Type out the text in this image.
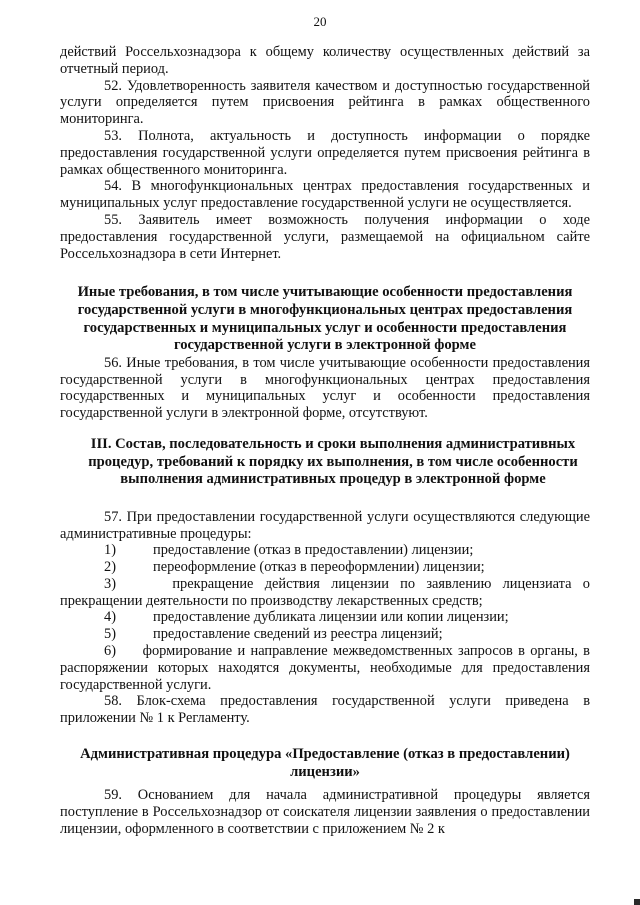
20

действий Россельхознадзора к общему количеству осуществленных действий за отчетный период.

52. Удовлетворенность заявителя качеством и доступностью государственной услуги определяется путем присвоения рейтинга в рамках общественного мониторинга.

53. Полнота, актуальность и доступность информации о порядке предоставления государственной услуги определяется путем присвоения рейтинга в рамках общественного мониторинга.

54. В многофункциональных центрах предоставления государственных и муниципальных услуг предоставление государственной услуги не осуществляется.

55. Заявитель имеет возможность получения информации о ходе предоставления государственной услуги, размещаемой на официальном сайте Россельхознадзора в сети Интернет.

Иные требования, в том числе учитывающие особенности предоставления государственной услуги в многофункциональных центрах предоставления государственных и муниципальных услуг и особенности предоставления государственной услуги в электронной форме

56. Иные требования, в том числе учитывающие особенности предоставления государственной услуги в многофункциональных центрах предоставления государственных и муниципальных услуг и особенности предоставления государственной услуги в электронной форме, отсутствуют.

III. Состав, последовательность и сроки выполнения административных процедур, требований к порядку их выполнения, в том числе особенности выполнения административных процедур в электронной форме

57. При предоставлении государственной услуги осуществляются следующие административные процедуры:

1)	предоставление (отказ в предоставлении) лицензии;

2)	переоформление (отказ в переоформлении) лицензии;

3)	прекращение действия лицензии по заявлению лицензиата о прекращении деятельности по производству лекарственных средств;

4)	предоставление дубликата лицензии или копии лицензии;

5)	предоставление сведений из реестра лицензий;

6) формирование и направление межведомственных запросов в органы, в распоряжении которых находятся документы, необходимые для предоставления государственной услуги.

58. Блок-схема предоставления государственной услуги приведена в приложении № 1 к Регламенту.

Административная процедура «Предоставление (отказ в предоставлении) лицензии»

59. Основанием для начала административной процедуры является поступление в Россельхознадзор от соискателя лицензии заявления о предоставлении лицензии, оформленного в соответствии с приложением № 2 к
